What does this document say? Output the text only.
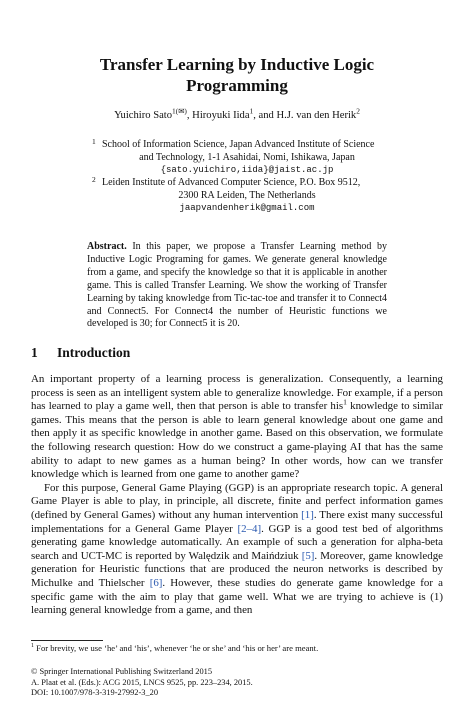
Transfer Learning by Inductive Logic
Programming
Yuichiro Sato$^{1(✉)}$, Hiroyuki Iida$^1$, and H.J. van den Herik$^2$
1 School of Information Science, Japan Advanced Institute of Science
and Technology, 1-1 Asahidai, Nomi, Ishikawa, Japan
{sato.yuichiro,iida}@jaist.ac.jp
2 Leiden Institute of Advanced Computer Science, P.O. Box 9512,
2300 RA Leiden, The Netherlands
jaapvandenherik@gmail.com
Abstract. In this paper, we propose a Transfer Learning method by Inductive Logic Programing for games. We generate general knowledge from a game, and specify the knowledge so that it is applicable in another game. This is called Transfer Learning. We show the working of Transfer Learning by taking knowledge from Tic-tac-toe and transfer it to Connect4 and Connect5. For Connect4 the number of Heuristic functions we developed is 30; for Connect5 it is 20.
1 Introduction

An important property of a learning process is generalization. Consequently, a learning process is seen as an intelligent system able to generalize knowledge. For example, if a person has learned to play a game well, then that person is able to transfer his$^1$ knowledge to similar games. This means that the person is able to learn general knowledge about one game and then apply it as specific knowledge in another game. Based on this observation, we formulate the following research question: How do we construct a game-playing AI that has the same ability to adapt to new games as a human being? In other words, how can we transfer knowledge which is learned from one game to another game?

For this purpose, General Game Playing (GGP) is an appropriate research topic. A general Game Player is able to play, in principle, all discrete, finite and perfect information games (defined by General Games) without any human intervention [1]. There exist many successful implementations for a General Game Player [2–4]. GGP is a good test bed of algorithms generating game knowledge automatically. An example of such a generation for alpha-beta search and UCT-MC is reported by Walędzik and Maińdziuk [5]. Moreover, game knowledge generation for Heuristic functions that are produced the neuron networks is described by Michulke and Thielscher [6]. However, these studies do generate game knowledge for a specific game with the aim to play that game well. What we are trying to achieve is (1) learning general knowledge from a game, and then

$^1$ For brevity, we use ‘he’ and ‘his’, whenever ‘he or she’ and ‘his or her’ are meant.
© Springer International Publishing Switzerland 2015
A. Plaat et al. (Eds.): ACG 2015, LNCS 9525, pp. 223–234, 2015.
DOI: 10.1007/978-3-319-27992-3_20
